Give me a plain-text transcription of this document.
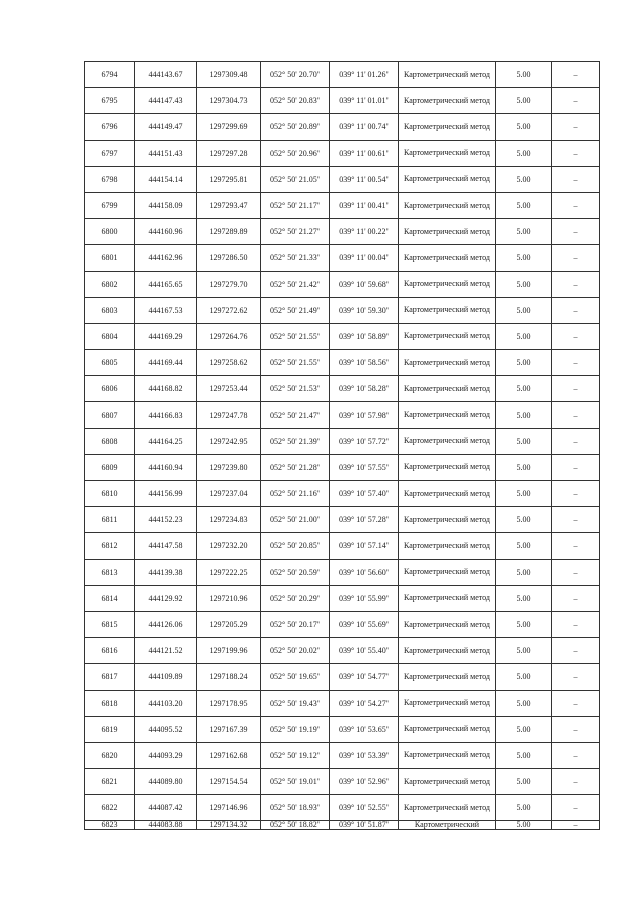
6794	444143.67	1297309.48	052° 50' 20.70"	039° 11' 01.26"	Картометрический метод	5.00	–
6795	444147.43	1297304.73	052° 50' 20.83"	039° 11' 01.01"	Картометрический метод	5.00	–
6796	444149.47	1297299.69	052° 50' 20.89"	039° 11' 00.74"	Картометрический метод	5.00	–
6797	444151.43	1297297.28	052° 50' 20.96"	039° 11' 00.61"	Картометрический метод	5.00	–
6798	444154.14	1297295.81	052° 50' 21.05"	039° 11' 00.54"	Картометрический метод	5.00	–
6799	444158.09	1297293.47	052° 50' 21.17"	039° 11' 00.41"	Картометрический метод	5.00	–
6800	444160.96	1297289.89	052° 50' 21.27"	039° 11' 00.22"	Картометрический метод	5.00	–
6801	444162.96	1297286.50	052° 50' 21.33"	039° 11' 00.04"	Картометрический метод	5.00	–
6802	444165.65	1297279.70	052° 50' 21.42"	039° 10' 59.68"	Картометрический метод	5.00	–
6803	444167.53	1297272.62	052° 50' 21.49"	039° 10' 59.30"	Картометрический метод	5.00	–
6804	444169.29	1297264.76	052° 50' 21.55"	039° 10' 58.89"	Картометрический метод	5.00	–
6805	444169.44	1297258.62	052° 50' 21.55"	039° 10' 58.56"	Картометрический метод	5.00	–
6806	444168.82	1297253.44	052° 50' 21.53"	039° 10' 58.28"	Картометрический метод	5.00	–
6807	444166.83	1297247.78	052° 50' 21.47"	039° 10' 57.98"	Картометрический метод	5.00	–
6808	444164.25	1297242.95	052° 50' 21.39"	039° 10' 57.72"	Картометрический метод	5.00	–
6809	444160.94	1297239.80	052° 50' 21.28"	039° 10' 57.55"	Картометрический метод	5.00	–
6810	444156.99	1297237.04	052° 50' 21.16"	039° 10' 57.40"	Картометрический метод	5.00	–
6811	444152.23	1297234.83	052° 50' 21.00"	039° 10' 57.28"	Картометрический метод	5.00	–
6812	444147.58	1297232.20	052° 50' 20.85"	039° 10' 57.14"	Картометрический метод	5.00	–
6813	444139.38	1297222.25	052° 50' 20.59"	039° 10' 56.60"	Картометрический метод	5.00	–
6814	444129.92	1297210.96	052° 50' 20.29"	039° 10' 55.99"	Картометрический метод	5.00	–
6815	444126.06	1297205.29	052° 50' 20.17"	039° 10' 55.69"	Картометрический метод	5.00	–
6816	444121.52	1297199.96	052° 50' 20.02"	039° 10' 55.40"	Картометрический метод	5.00	–
6817	444109.89	1297188.24	052° 50' 19.65"	039° 10' 54.77"	Картометрический метод	5.00	–
6818	444103.20	1297178.95	052° 50' 19.43"	039° 10' 54.27"	Картометрический метод	5.00	–
6819	444095.52	1297167.39	052° 50' 19.19"	039° 10' 53.65"	Картометрический метод	5.00	–
6820	444093.29	1297162.68	052° 50' 19.12"	039° 10' 53.39"	Картометрический метод	5.00	–
6821	444089.80	1297154.54	052° 50' 19.01"	039° 10' 52.96"	Картометрический метод	5.00	–
6822	444087.42	1297146.96	052° 50' 18.93"	039° 10' 52.55"	Картометрический метод	5.00	–
6823	444083.88	1297134.32	052° 50' 18.82"	039° 10' 51.87"	Картометрический	5.00	–
